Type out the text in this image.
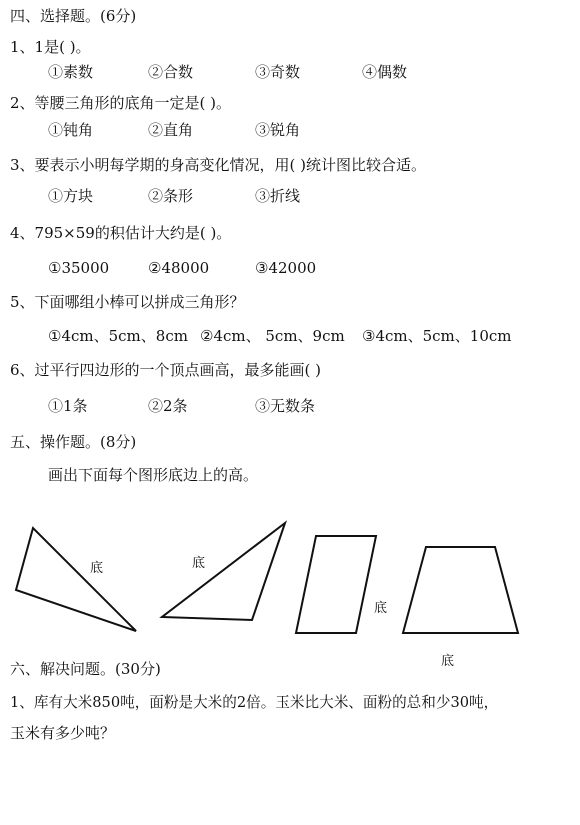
四、选择题。(6分)
1、1是( )。
①素数	②合数	③奇数	④偶数
2、等腰三角形的底角一定是( )。
①钝角	②直角	③锐角
3、要表示小明每学期的身高变化情况，用( )统计图比较合适。
①方块	②条形	③折线
4、795×59的积估计大约是( )。
①35000	②48000	③42000
5、下面哪组小棒可以拼成三角形？
①4cm、5cm、8cm ②4cm、 5cm、9cm ③4cm、5cm、10cm
6、过平行四边形的一个顶点画高，最多能画( )
①1条	②2条	③无数条
五、操作题。(8分)
画出下面每个图形底边上的高。
底	底
底
底
六、解决问题。(30分)
1、库有大米850吨，面粉是大米的2倍。玉米比大米、面粉的总和少30吨，
玉米有多少吨？
